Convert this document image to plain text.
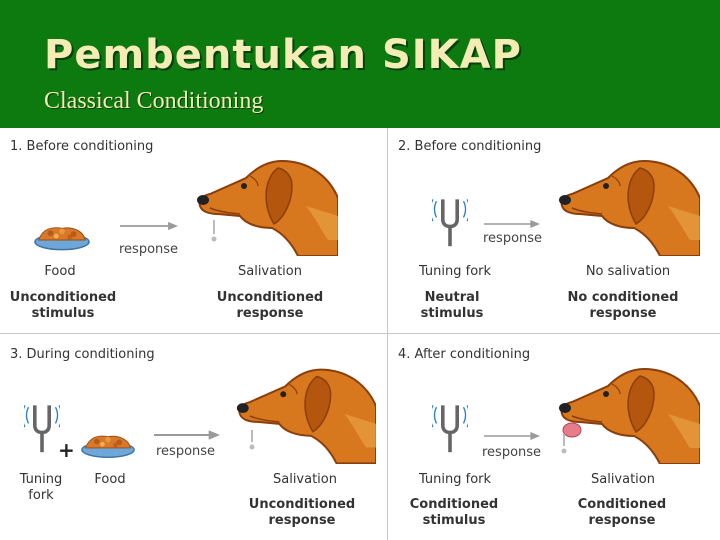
Pembentukan SIKAP
Classical Conditioning
1. Before conditioning
response
Food	Salivation
Unconditioned
stimulus
Unconditioned
response
2. Before conditioning
response
Tuning fork	No salivation
Neutral
stimulus
No conditioned
response
3. During conditioning
+	response
Tuning
fork
Food	Salivation
Unconditioned
response
4. After conditioning
response
Tuning fork	Salivation
Conditioned
stimulus
Conditioned
response
